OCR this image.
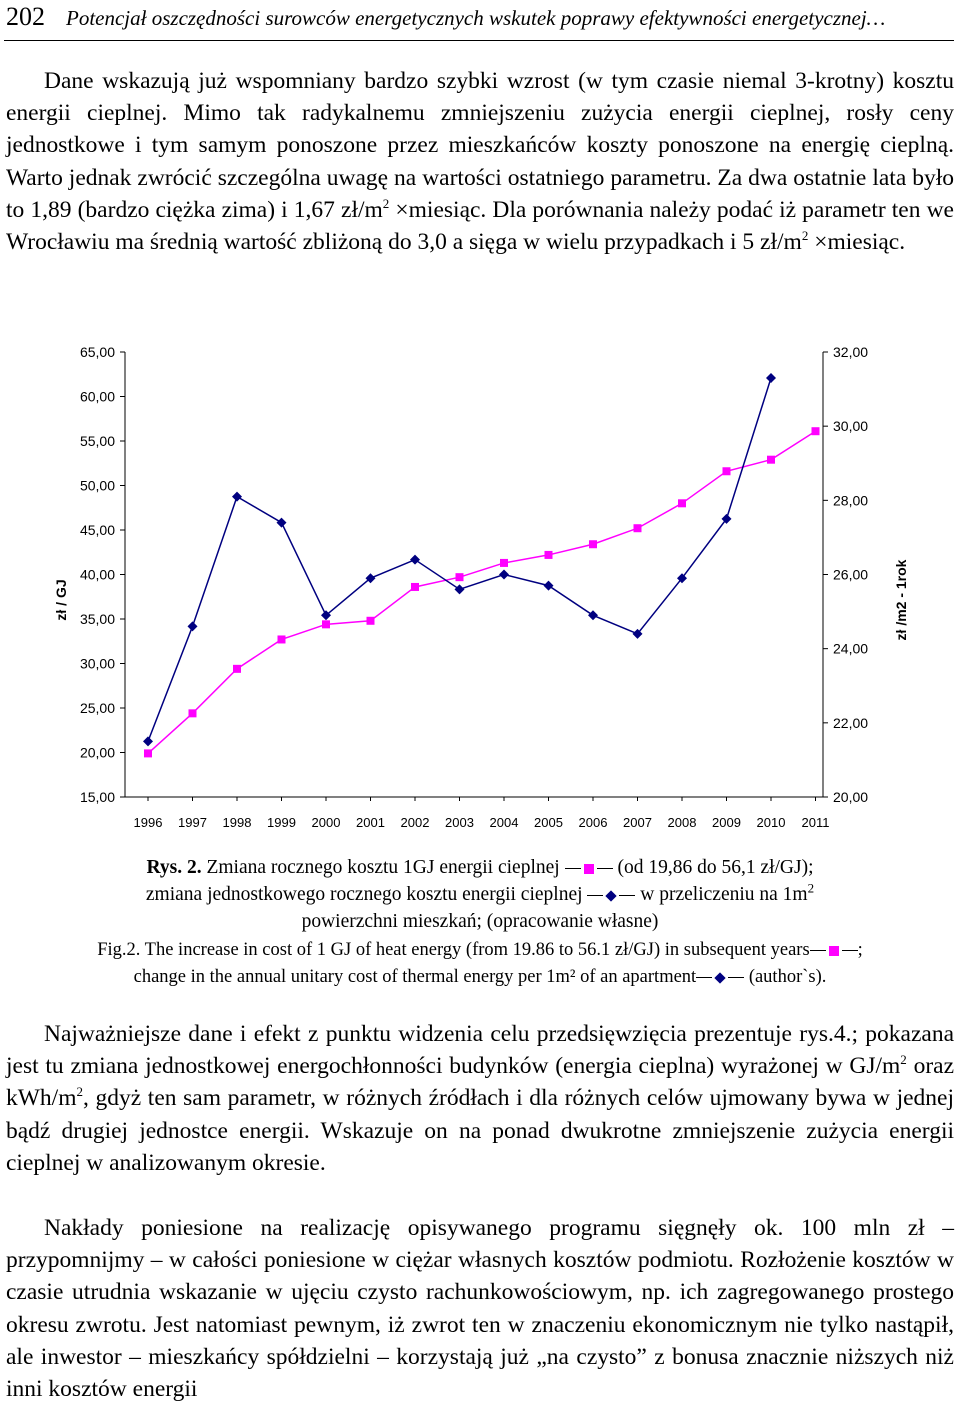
202 Potencjał oszczędności surowców energetycznych wskutek poprawy efektywności energetycznej…
Dane wskazują już wspomniany bardzo szybki wzrost (w tym czasie niemal 3-krotny) kosztu energii cieplnej. Mimo tak radykalnemu zmniejszeniu zużycia energii cieplnej, rosły ceny jednostkowe i tym samym ponoszone przez mieszkańców koszty ponoszone na energię cieplną. Warto jednak zwrócić szczególna uwagę na wartości ostatniego parametru. Za dwa ostatnie lata było to 1,89 (bardzo ciężka zima) i 1,67 $zł/m^2$ ×miesiąc. Dla porównania należy podać iż parametr ten we Wrocławiu ma średnią wartość zbliżoną do 3,0 a sięga w wielu przypadkach i 5 $zł/m^2$ ×miesiąc.
15,00
20,00
25,00
30,00
35,00
40,00
45,00
50,00
55,00
60,00
65,00
20,00
22,00
24,00
26,00
28,00
30,00
32,00
1996 1997 1998 1999 2000 2001 2002 2003 2004 2005 2006 2007 2008 2009 2010 2011
zł / GJ	zł /m2 - 1rok
Rys. 2. Zmiana rocznego kosztu 1GJ energii cieplnej  (od 19,86 do 56,1 zł/GJ);
zmiana jednostkowego rocznego kosztu energii cieplnej  w przeliczeniu na $1m^2$
powierzchni mieszkań; (opracowanie własne)
Fig.2. The increase in cost of 1 GJ of heat energy (from 19.86 to 56.1 zł/GJ) in subsequent years	;
change in the annual unitary cost of thermal energy per 1m² of an apartment	(author`s).
Najważniejsze dane i efekt z punktu widzenia celu przedsięwzięcia prezentuje rys.4.; pokazana jest tu zmiana jednostkowej energochłonności budynków (energia cieplna) wyrażonej w $GJ/m^2$ oraz kWh/$m^2$, gdyż ten sam parametr, w różnych źródłach i dla różnych celów ujmowany bywa w jednej bądź drugiej jednostce energii. Wskazuje on na ponad dwukrotne zmniejszenie zużycia energii cieplnej w analizowanym okresie.
Nakłady poniesione na realizację opisywanego programu sięgnęły ok. 100 mln zł – przypomnijmy – w całości poniesione w ciężar własnych kosztów podmiotu. Rozłożenie kosztów w czasie utrudnia wskazanie w ujęciu czysto rachunkowościowym, np. ich zagregowanego prostego okresu zwrotu. Jest natomiast pewnym, iż zwrot ten w znaczeniu ekonomicznym nie tylko nastąpił, ale inwestor – mieszkańcy spółdzielni – korzystają już „na czysto” z bonusa znacznie niższych niż inni kosztów energii
